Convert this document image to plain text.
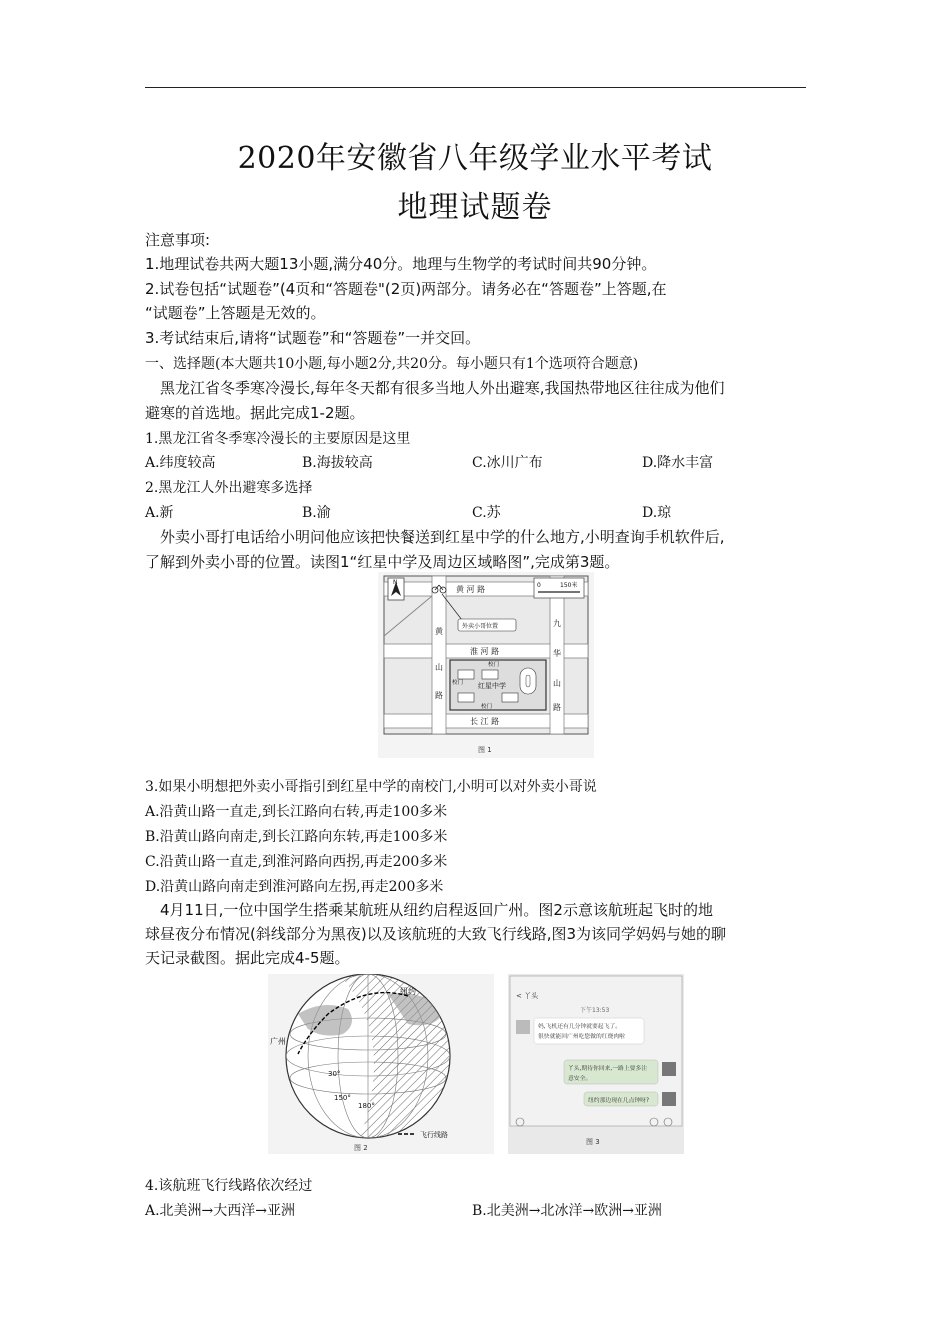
2020年安徽省八年级学业水平考试
地理试题卷
注意事项:
1.地理试卷共两大题13小题,满分40分。地理与生物学的考试时间共90分钟。
2.试卷包括“试题卷”(4页和“答题卷"(2页)两部分。请务必在“答题卷”上答题,在
“试题卷”上答题是无效的。
3.考试结束后,请将“试题卷”和“答题卷”一并交回。
一、选择题(本大题共10小题,每小题2分,共20分。每小题只有1个选项符合题意)
黑龙江省冬季寒冷漫长,每年冬天都有很多当地人外出避寒,我国热带地区往往成为他们
避寒的首选地。据此完成1-2题。
1.黑龙江省冬季寒冷漫长的主要原因是这里
A.纬度较高	B.海拔较高	C.冰川广布	D.降水丰富
2.黑龙江人外出避寒多选择
A.新	B.渝	C.苏	D.琼
外卖小哥打电话给小明问他应该把快餐送到红星中学的什么地方,小明查询手机软件后,
了解到外卖小哥的位置。读图1“红星中学及周边区域略图”,完成第3题。
N	0	150米
黄 河 路
淮 河 路
长 江 路
黄
山
路
九
华
山
路
外卖小哥位置
红星中学
校门
校门
校门
图 1
3.如果小明想把外卖小哥指引到红星中学的南校门,小明可以对外卖小哥说
A.沿黄山路一直走,到长江路向右转,再走100多米
B.沿黄山路向南走,到长江路向东转,再走100多米
C.沿黄山路一直走,到淮河路向西拐,再走200多米
D.沿黄山路向南走到淮河路向左拐,再走200多米
4月11日,一位中国学生搭乘某航班从纽约启程返回广州。图2示意该航班起飞时的地
球昼夜分布情况(斜线部分为黑夜)以及该航班的大致飞行线路,图3为该同学妈妈与她的聊
天记录截图。据此完成4-5题。
纽约
广州
30°
150°
180°
飞行线路
图 2
< 丫头
下午13:53
妈,飞机还有几分钟就要起飞了。
很快就能回广州吃您做的红烧肉啦
丫头,期待你回来,一路上要多注
意安全。
纽约那边现在几点钟呀?
图 3
4.该航班飞行线路依次经过
A.北美洲→大西洋→亚洲	B.北美洲→北冰洋→欧洲→亚洲
